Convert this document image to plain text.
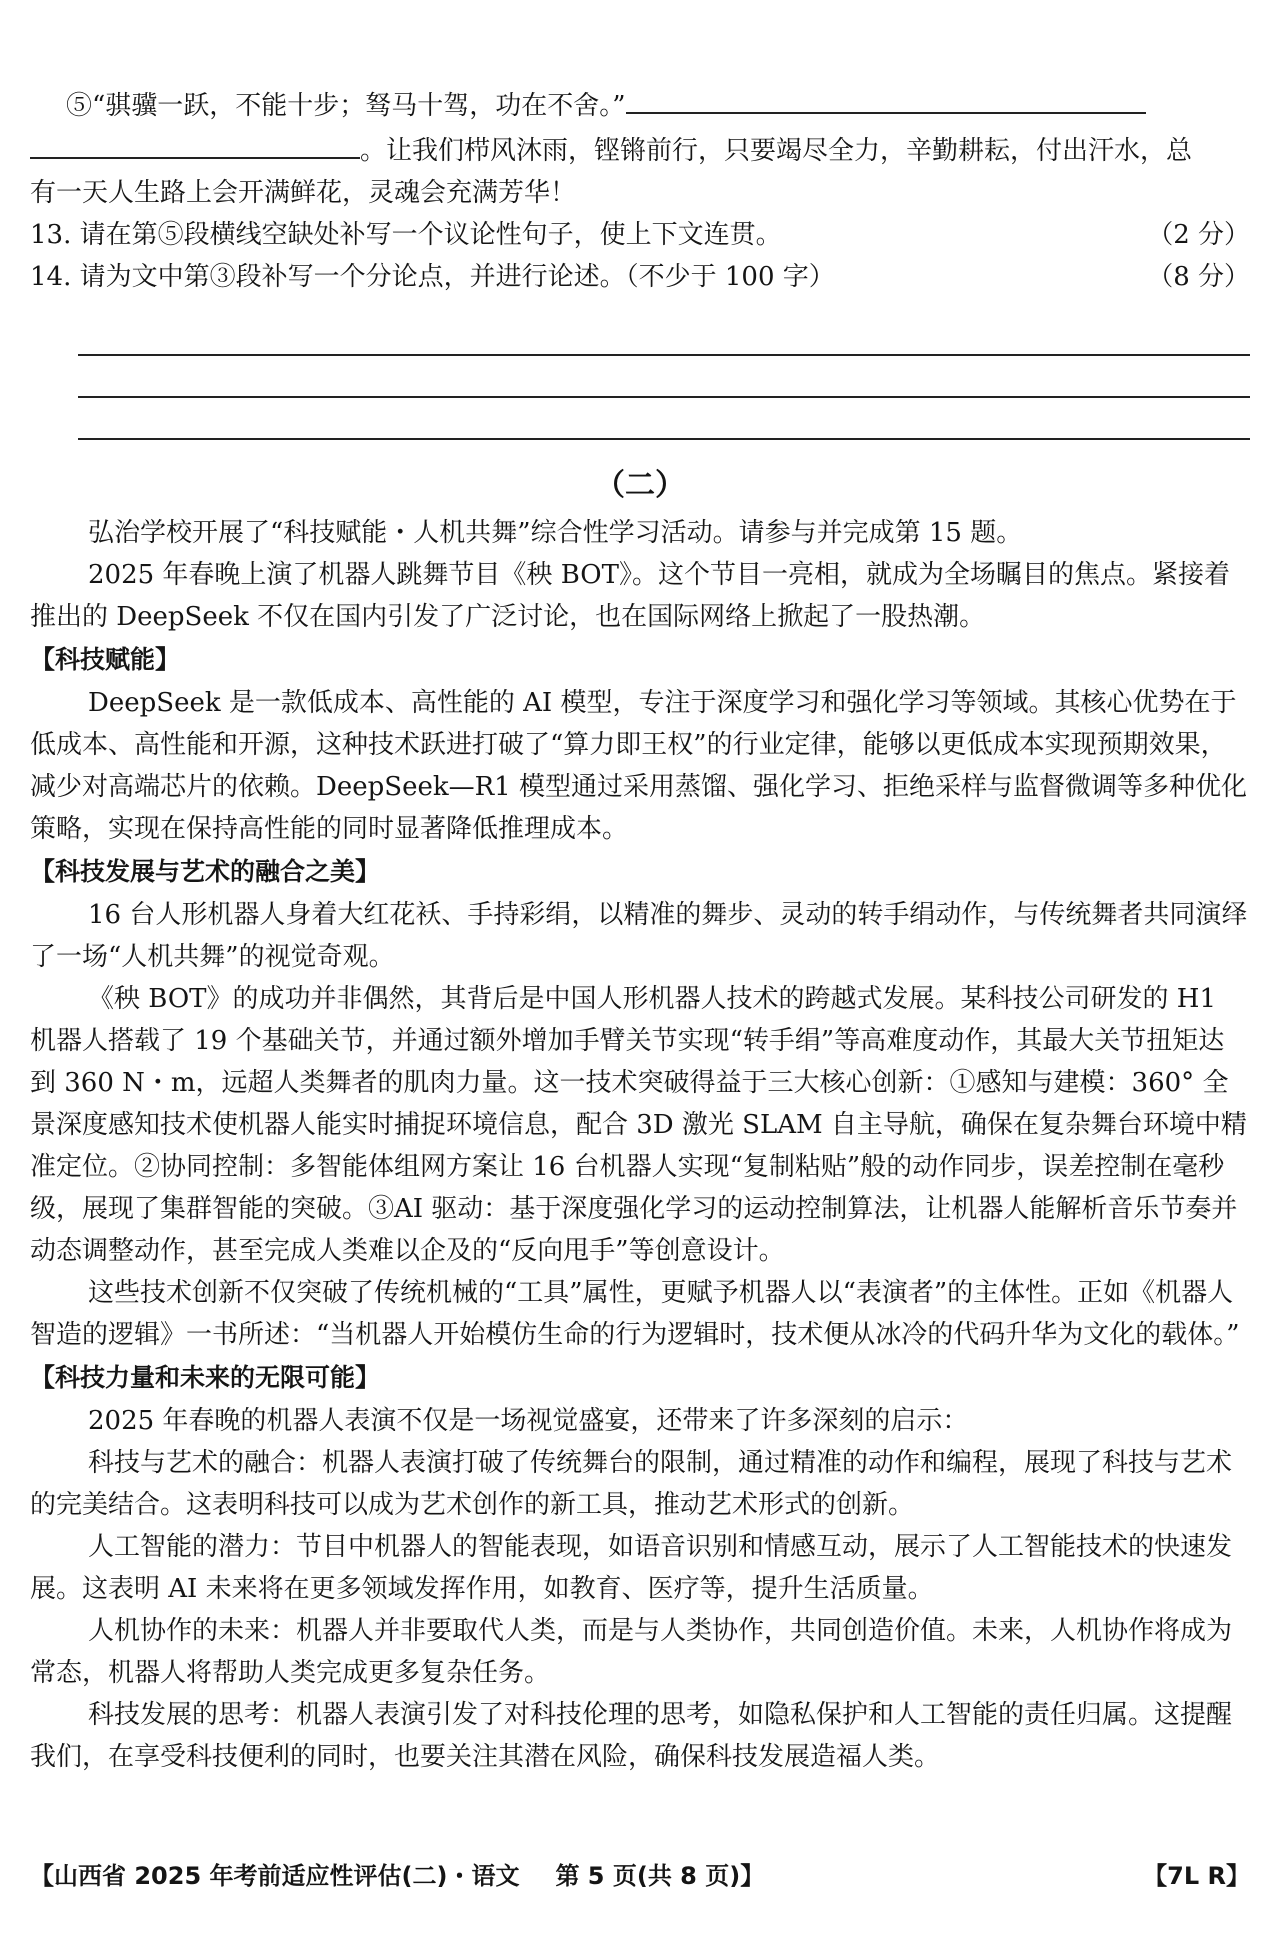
⑤“骐骥一跃，不能十步；驽马十驾，功在不舍。”
。让我们栉风沐雨，铿锵前行，只要竭尽全力，辛勤耕耘，付出汗水，总
有一天人生路上会开满鲜花，灵魂会充满芳华！
13. 请在第⑤段横线空缺处补写一个议论性句子，使上下文连贯。	（2 分）
14. 请为文中第③段补写一个分论点，并进行论述。（不少于 100 字）	（8 分）
（二）

弘治学校开展了“科技赋能・人机共舞”综合性学习活动。请参与并完成第 15 题。

2025 年春晚上演了机器人跳舞节目《秧 BOT》。这个节目一亮相，就成为全场瞩目的焦点。紧接着推出的 DeepSeek 不仅在国内引发了广泛讨论，也在国际网络上掀起了一股热潮。

【科技赋能】

DeepSeek 是一款低成本、高性能的 AI 模型，专注于深度学习和强化学习等领域。其核心优势在于低成本、高性能和开源，这种技术跃进打破了“算力即王权”的行业定律，能够以更低成本实现预期效果，减少对高端芯片的依赖。DeepSeek—R1 模型通过采用蒸馏、强化学习、拒绝采样与监督微调等多种优化策略，实现在保持高性能的同时显著降低推理成本。

【科技发展与艺术的融合之美】

16 台人形机器人身着大红花袄、手持彩绢，以精准的舞步、灵动的转手绢动作，与传统舞者共同演绎了一场“人机共舞”的视觉奇观。

《秧 BOT》的成功并非偶然，其背后是中国人形机器人技术的跨越式发展。某科技公司研发的 H1 机器人搭载了 19 个基础关节，并通过额外增加手臂关节实现“转手绢”等高难度动作，其最大关节扭矩达到 360 N・m，远超人类舞者的肌肉力量。这一技术突破得益于三大核心创新：①感知与建模：360° 全景深度感知技术使机器人能实时捕捉环境信息，配合 3D 激光 SLAM 自主导航，确保在复杂舞台环境中精准定位。②协同控制：多智能体组网方案让 16 台机器人实现“复制粘贴”般的动作同步，误差控制在毫秒级，展现了集群智能的突破。③AI 驱动：基于深度强化学习的运动控制算法，让机器人能解析音乐节奏并动态调整动作，甚至完成人类难以企及的“反向甩手”等创意设计。

这些技术创新不仅突破了传统机械的“工具”属性，更赋予机器人以“表演者”的主体性。正如《机器人智造的逻辑》一书所述：“当机器人开始模仿生命的行为逻辑时，技术便从冰冷的代码升华为文化的载体。”

【科技力量和未来的无限可能】

2025 年春晚的机器人表演不仅是一场视觉盛宴，还带来了许多深刻的启示：

科技与艺术的融合：机器人表演打破了传统舞台的限制，通过精准的动作和编程，展现了科技与艺术的完美结合。这表明科技可以成为艺术创作的新工具，推动艺术形式的创新。

人工智能的潜力：节目中机器人的智能表现，如语音识别和情感互动，展示了人工智能技术的快速发展。这表明 AI 未来将在更多领域发挥作用，如教育、医疗等，提升生活质量。

人机协作的未来：机器人并非要取代人类，而是与人类协作，共同创造价值。未来，人机协作将成为常态，机器人将帮助人类完成更多复杂任务。

科技发展的思考：机器人表演引发了对科技伦理的思考，如隐私保护和人工智能的责任归属。这提醒我们，在享受科技便利的同时，也要关注其潜在风险，确保科技发展造福人类。

【山西省 2025 年考前适应性评估(二)・语文 第 5 页(共 8 页)】	【7L R】
